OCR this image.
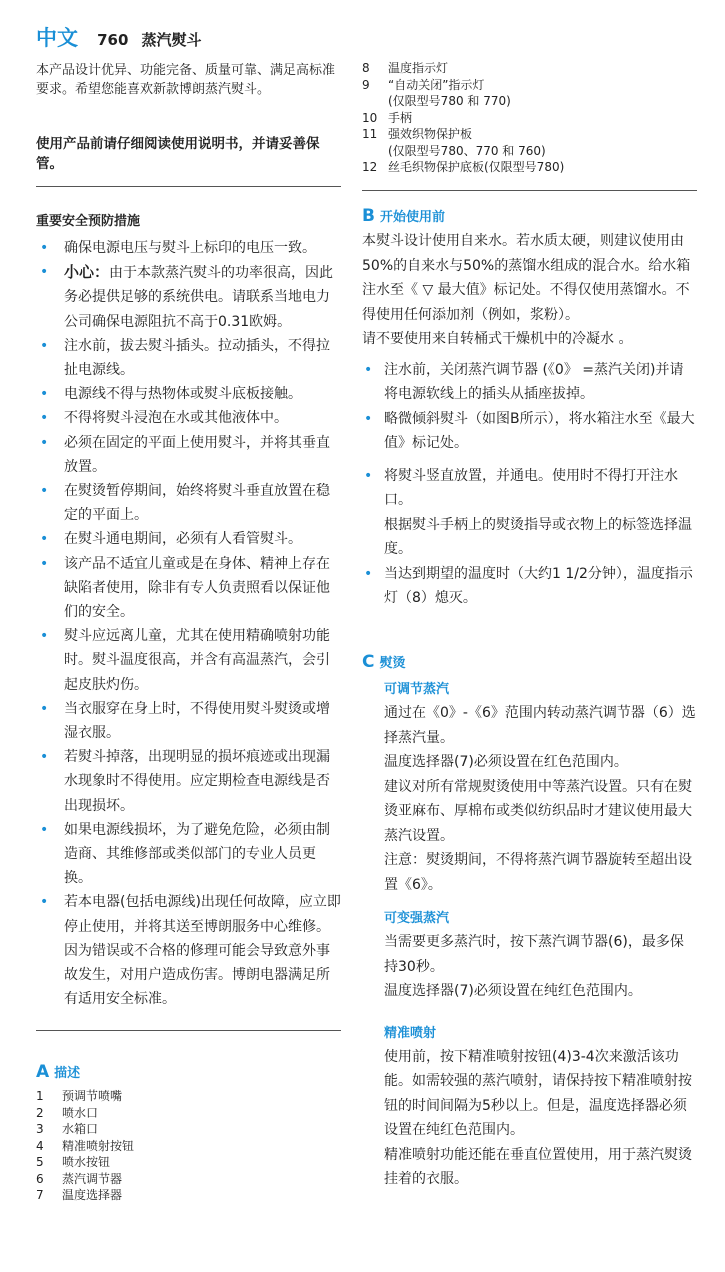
中文 760 蒸汽熨斗

本产品设计优异、功能完备、质量可靠、满足高标准要求。希望您能喜欢新款博朗蒸汽熨斗。

使用产品前请仔细阅读使用说明书，并请妥善保管。

重要安全预防措施
• 确保电源电压与熨斗上标印的电压一致。
• 小心：由于本款蒸汽熨斗的功率很高，因此务必提供足够的系统供电。请联系当地电力公司确保电源阻抗不高于0.31欧姆。
• 注水前，拔去熨斗插头。拉动插头，不得拉扯电源线。
• 电源线不得与热物体或熨斗底板接触。
• 不得将熨斗浸泡在水或其他液体中。
• 必须在固定的平面上使用熨斗，并将其垂直放置。
• 在熨烫暂停期间，始终将熨斗垂直放置在稳定的平面上。
• 在熨斗通电期间，必须有人看管熨斗。
• 该产品不适宜儿童或是在身体、精神上存在缺陷者使用，除非有专人负责照看以保证他们的安全。
• 熨斗应远离儿童，尤其在使用精确喷射功能时。熨斗温度很高，并含有高温蒸汽，会引起皮肤灼伤。
• 当衣服穿在身上时，不得使用熨斗熨烫或增湿衣服。
• 若熨斗掉落，出现明显的损坏痕迹或出现漏水现象时不得使用。应定期检查电源线是否出现损坏。
• 如果电源线损坏，为了避免危险，必须由制造商、其维修部或类似部门的专业人员更换。
• 若本电器(包括电源线)出现任何故障，应立即停止使用，并将其送至博朗服务中心维修。因为错误或不合格的修理可能会导致意外事故发生，对用户造成伤害。博朗电器满足所有适用安全标准。
A 描述
1	预调节喷嘴
2	喷水口
3	水箱口
4	精准喷射按钮
5	喷水按钮
6	蒸汽调节器
7	温度选择器
8	温度指示灯
9	“自动关闭”指示灯
(仅限型号780 和 770)
10 手柄
11 强效织物保护板
(仅限型号780、770 和 760)
12 丝毛织物保护底板(仅限型号780)
B 开始使用前

本熨斗设计使用自来水。若水质太硬，则建议使用由50%的自来水与50%的蒸馏水组成的混合水。给水箱注水至《 ▽ 最大值》标记处。不得仅使用蒸馏水。不得使用任何添加剂（例如，浆粉）。

请不要使用来自转桶式干燥机中的冷凝水 。

• 注水前，关闭蒸汽调节器 (《0》 =蒸汽关闭)并请将电源软线上的插头从插座拔掉。
• 略微倾斜熨斗（如图B所示），将水箱注水至《最大值》标记处。
• 将熨斗竖直放置，并通电。使用时不得打开注水口。

根据熨斗手柄上的熨烫指导或衣物上的标签选择温度。

• 当达到期望的温度时（大约1 1/2分钟），温度指示灯（8）熄灭。
C 熨烫
可调节蒸汽

通过在《0》-《6》范围内转动蒸汽调节器（6）选择蒸汽量。

温度选择器(7)必须设置在红色范围内。

建议对所有常规熨烫使用中等蒸汽设置。只有在熨烫亚麻布、厚棉布或类似纺织品时才建议使用最大蒸汽设置。

注意：熨烫期间，不得将蒸汽调节器旋转至超出设置《6》。

可变强蒸汽

当需要更多蒸汽时，按下蒸汽调节器(6)，最多保持30秒。

温度选择器(7)必须设置在纯红色范围内。

精准喷射

使用前，按下精准喷射按钮(4)3-4次来激活该功能。如需较强的蒸汽喷射，请保持按下精准喷射按钮的时间间隔为5秒以上。但是，温度选择器必须设置在纯红色范围内。

精准喷射功能还能在垂直位置使用，用于蒸汽熨烫挂着的衣服。
